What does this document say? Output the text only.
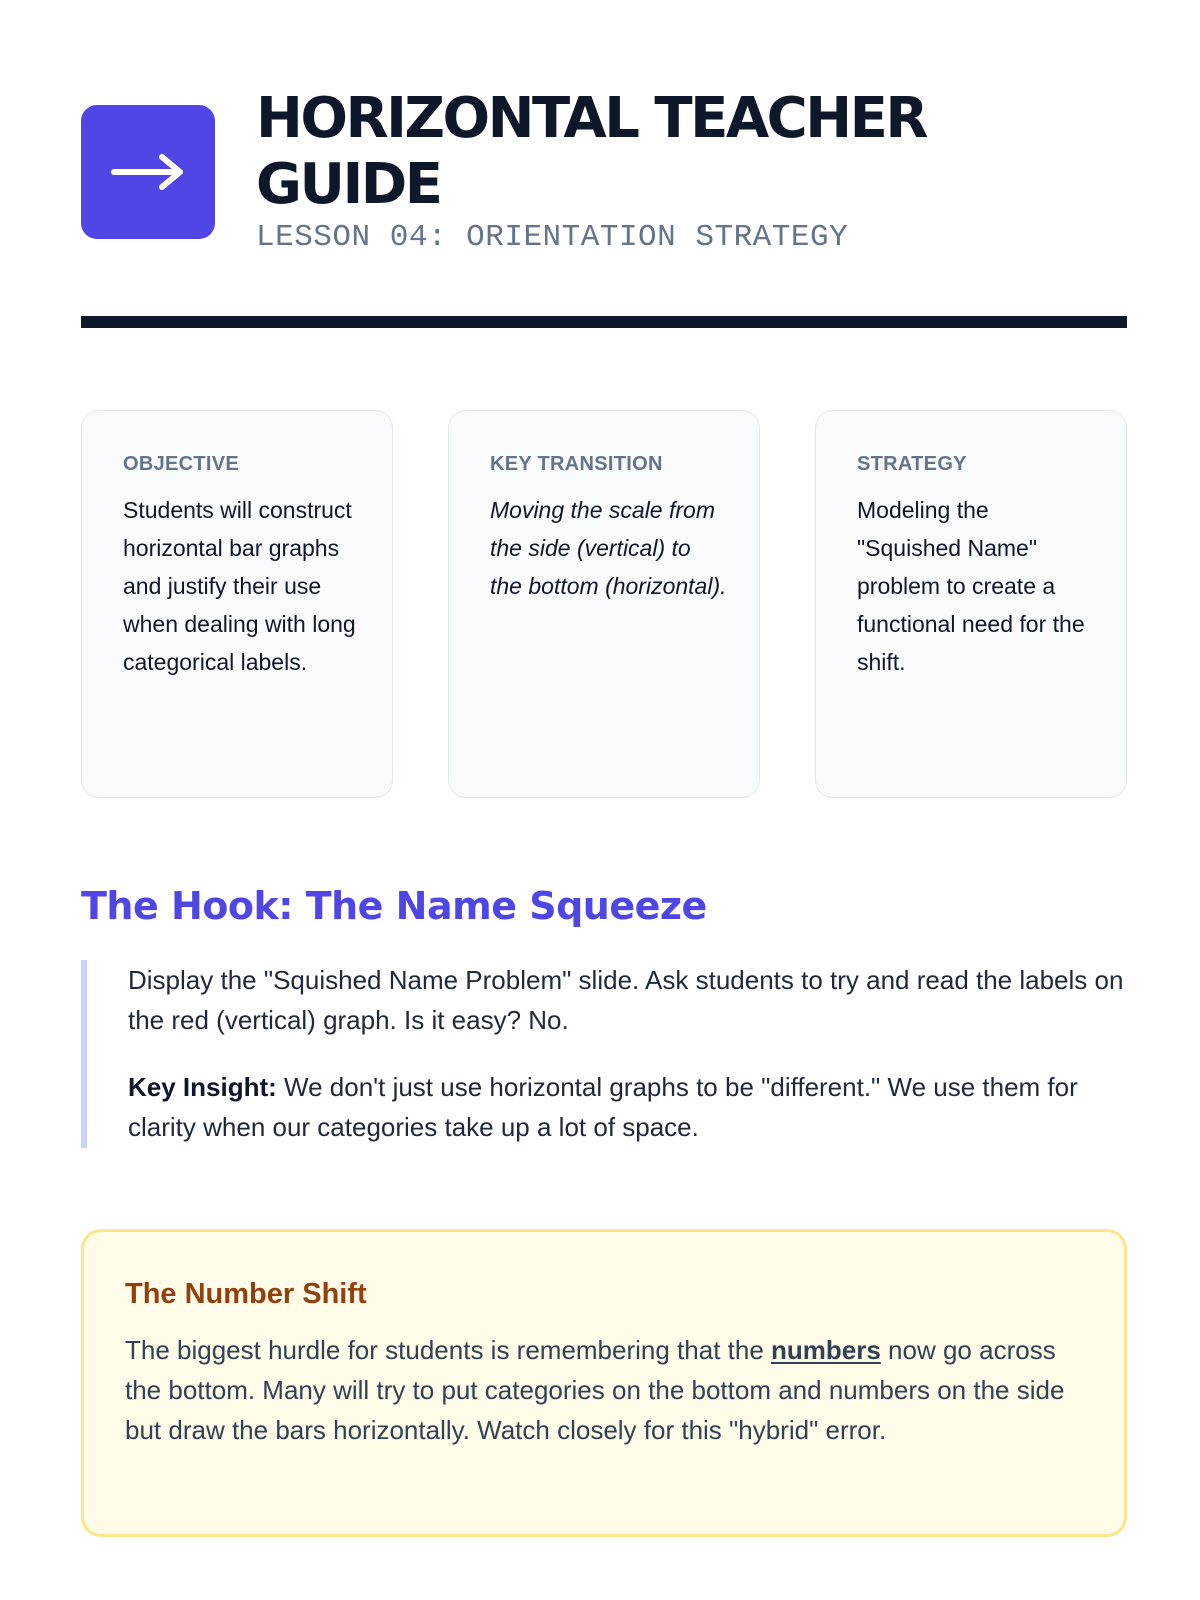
HORIZONTAL TEACHER GUIDE

LESSON 04: ORIENTATION STRATEGY

OBJECTIVE

Students will construct horizontal bar graphs and justify their use when dealing with long categorical labels.

KEY TRANSITION

Moving the scale from the side (vertical) to the bottom (horizontal).

STRATEGY

Modeling the "Squished Name" problem to create a functional need for the shift.

The Hook: The Name Squeeze

Display the "Squished Name Problem" slide. Ask students to try and read the labels on the red (vertical) graph. Is it easy? No.

Key Insight: We don't just use horizontal graphs to be "different." We use them for clarity when our categories take up a lot of space.

The Number Shift

The biggest hurdle for students is remembering that the numbers now go across the bottom. Many will try to put categories on the bottom and numbers on the side but draw the bars horizontally. Watch closely for this "hybrid" error.
